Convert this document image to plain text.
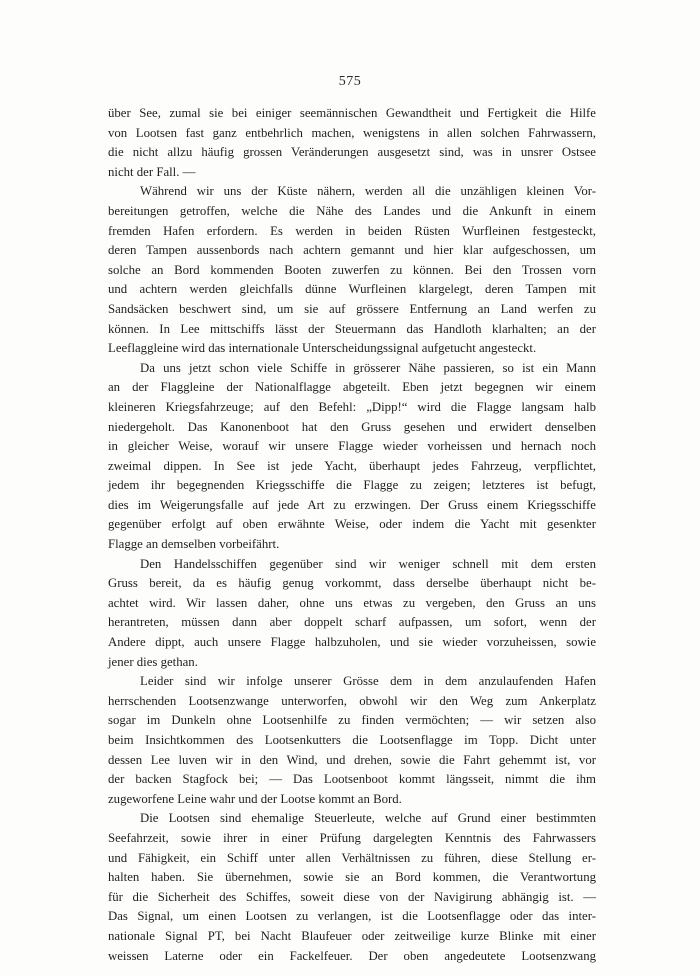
575
über See, zumal sie bei einiger seemännischen Gewandtheit und Fertigkeit die Hilfe
von Lootsen fast ganz entbehrlich machen, wenigstens in allen solchen Fahrwassern,
die nicht allzu häufig grossen Veränderungen ausgesetzt sind, was in unsrer Ostsee
nicht der Fall. —
Während wir uns der Küste nähern, werden all die unzähligen kleinen Vor-
bereitungen getroffen, welche die Nähe des Landes und die Ankunft in einem
fremden Hafen erfordern. Es werden in beiden Rüsten Wurfleinen festgesteckt,
deren Tampen aussenbords nach achtern gemannt und hier klar aufgeschossen, um
solche an Bord kommenden Booten zuwerfen zu können. Bei den Trossen vorn
und achtern werden gleichfalls dünne Wurfleinen klargelegt, deren Tampen mit
Sandsäcken beschwert sind, um sie auf grössere Entfernung an Land werfen zu
können. In Lee mittschiffs lässt der Steuermann das Handloth klarhalten; an der
Leeflaggleine wird das internationale Unterscheidungssignal aufgetucht angesteckt.
Da uns jetzt schon viele Schiffe in grösserer Nähe passieren, so ist ein Mann
an der Flaggleine der Nationalflagge abgeteilt. Eben jetzt begegnen wir einem
kleineren Kriegsfahrzeuge; auf den Befehl: „Dipp!“ wird die Flagge langsam halb
niedergeholt. Das Kanonenboot hat den Gruss gesehen und erwidert denselben
in gleicher Weise, worauf wir unsere Flagge wieder vorheissen und hernach noch
zweimal dippen. In See ist jede Yacht, überhaupt jedes Fahrzeug, verpflichtet,
jedem ihr begegnenden Kriegsschiffe die Flagge zu zeigen; letzteres ist befugt,
dies im Weigerungsfalle auf jede Art zu erzwingen. Der Gruss einem Kriegsschiffe
gegenüber erfolgt auf oben erwähnte Weise, oder indem die Yacht mit gesenkter
Flagge an demselben vorbeifährt.
Den Handelsschiffen gegenüber sind wir weniger schnell mit dem ersten
Gruss bereit, da es häufig genug vorkommt, dass derselbe überhaupt nicht be-
achtet wird. Wir lassen daher, ohne uns etwas zu vergeben, den Gruss an uns
herantreten, müssen dann aber doppelt scharf aufpassen, um sofort, wenn der
Andere dippt, auch unsere Flagge halbzuholen, und sie wieder vorzuheissen, sowie
jener dies gethan.
Leider sind wir infolge unserer Grösse dem in dem anzulaufenden Hafen
herrschenden Lootsenzwange unterworfen, obwohl wir den Weg zum Ankerplatz
sogar im Dunkeln ohne Lootsenhilfe zu finden vermöchten; — wir setzen also
beim Insichtkommen des Lootsenkutters die Lootsenflagge im Topp. Dicht unter
dessen Lee luven wir in den Wind, und drehen, sowie die Fahrt gehemmt ist, vor
der backen Stagfock bei; — Das Lootsenboot kommt längsseit, nimmt die ihm
zugeworfene Leine wahr und der Lootse kommt an Bord.
Die Lootsen sind ehemalige Steuerleute, welche auf Grund einer bestimmten
Seefahrzeit, sowie ihrer in einer Prüfung dargelegten Kenntnis des Fahrwassers
und Fähigkeit, ein Schiff unter allen Verhältnissen zu führen, diese Stellung er-
halten haben. Sie übernehmen, sowie sie an Bord kommen, die Verantwortung
für die Sicherheit des Schiffes, soweit diese von der Navigirung abhängig ist. —
Das Signal, um einen Lootsen zu verlangen, ist die Lootsenflagge oder das inter-
nationale Signal PT, bei Nacht Blaufeuer oder zeitweilige kurze Blinke mit einer
weissen Laterne oder ein Fackelfeuer. Der oben angedeutete Lootsenzwang
